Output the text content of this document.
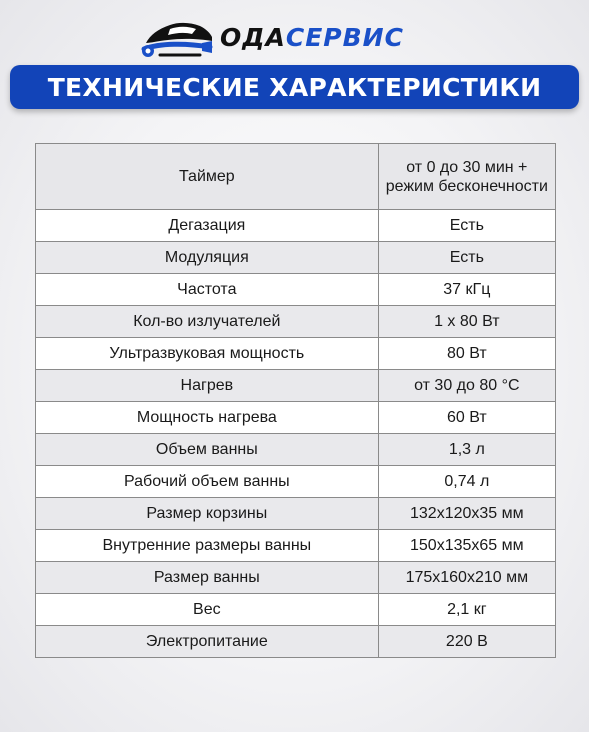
ОДАСЕРВИС
ТЕХНИЧЕСКИЕ ХАРАКТЕРИСТИКИ
Таймер	от 0 до 30 мин + режим бесконечности
Дегазация	Есть
Модуляция	Есть
Частота	37 кГц
Кол-во излучателей	1 х 80 Вт
Ультразвуковая мощность	80 Вт
Нагрев	от 30 до 80 °C
Мощность нагрева	60 Вт
Объем ванны	1,3 л
Рабочий объем ванны	0,74 л
Размер корзины	132х120х35 мм
Внутренние размеры ванны	150х135х65 мм
Размер ванны	175х160х210 мм
Вес	2,1 кг
Электропитание	220 В
